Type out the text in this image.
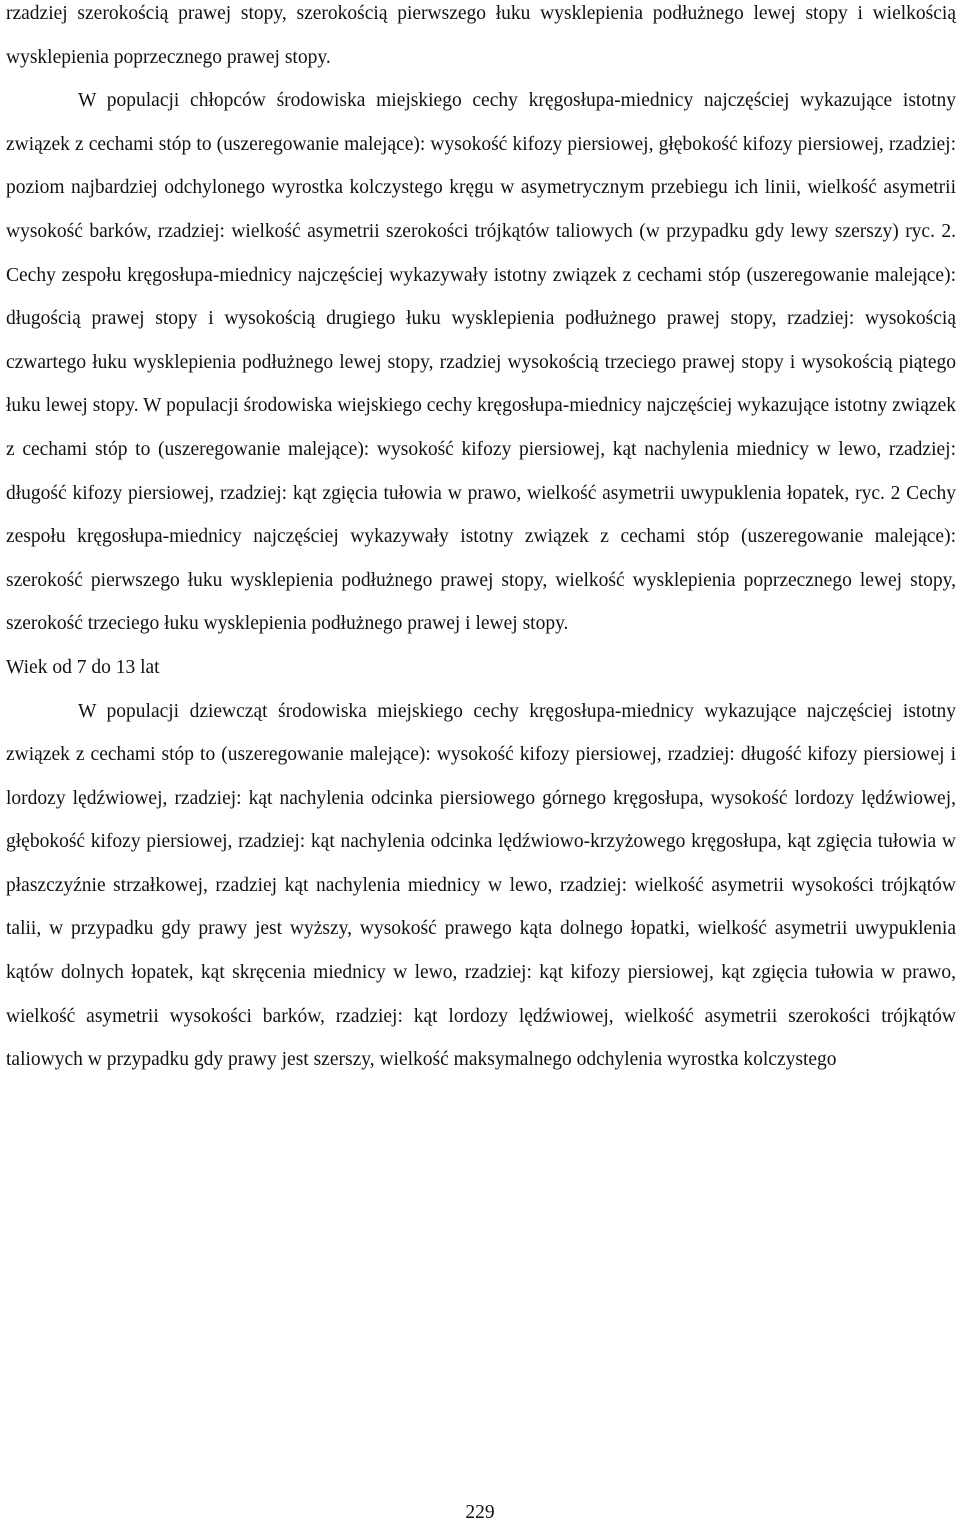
rzadziej szerokością prawej stopy, szerokością pierwszego łuku wysklepienia podłużnego lewej stopy i wielkością wysklepienia poprzecznego prawej stopy.

W populacji chłopców środowiska miejskiego cechy kręgosłupa-miednicy najczęściej wykazujące istotny związek z cechami stóp to (uszeregowanie malejące): wysokość kifozy piersiowej, głębokość kifozy piersiowej, rzadziej: poziom najbardziej odchylonego wyrostka kolczystego kręgu w asymetrycznym przebiegu ich linii, wielkość asymetrii wysokość barków, rzadziej: wielkość asymetrii szerokości trójkątów taliowych (w przypadku gdy lewy szerszy) ryc. 2. Cechy zespołu kręgosłupa-miednicy najczęściej wykazywały istotny związek z cechami stóp (uszeregowanie malejące): długością prawej stopy i wysokością drugiego łuku wysklepienia podłużnego prawej stopy, rzadziej: wysokością czwartego łuku wysklepienia podłużnego lewej stopy, rzadziej wysokością trzeciego prawej stopy i wysokością piątego łuku lewej stopy. W populacji środowiska wiejskiego cechy kręgosłupa-miednicy najczęściej wykazujące istotny związek z cechami stóp to (uszeregowanie malejące): wysokość kifozy piersiowej, kąt nachylenia miednicy w lewo, rzadziej: długość kifozy piersiowej, rzadziej: kąt zgięcia tułowia w prawo, wielkość asymetrii uwypuklenia łopatek, ryc. 2 Cechy zespołu kręgosłupa-miednicy najczęściej wykazywały istotny związek z cechami stóp (uszeregowanie malejące): szerokość pierwszego łuku wysklepienia podłużnego prawej stopy, wielkość wysklepienia poprzecznego lewej stopy, szerokość trzeciego łuku wysklepienia podłużnego prawej i lewej stopy.

Wiek od 7 do 13 lat

W populacji dziewcząt środowiska miejskiego cechy kręgosłupa-miednicy wykazujące najczęściej istotny związek z cechami stóp to (uszeregowanie malejące): wysokość kifozy piersiowej, rzadziej: długość kifozy piersiowej i lordozy lędźwiowej, rzadziej: kąt nachylenia odcinka piersiowego górnego kręgosłupa, wysokość lordozy lędźwiowej, głębokość kifozy piersiowej, rzadziej: kąt nachylenia odcinka lędźwiowo-krzyżowego kręgosłupa, kąt zgięcia tułowia w płaszczyźnie strzałkowej, rzadziej kąt nachylenia miednicy w lewo, rzadziej: wielkość asymetrii wysokości trójkątów talii, w przypadku gdy prawy jest wyższy, wysokość prawego kąta dolnego łopatki, wielkość asymetrii uwypuklenia kątów dolnych łopatek, kąt skręcenia miednicy w lewo, rzadziej: kąt kifozy piersiowej, kąt zgięcia tułowia w prawo, wielkość asymetrii wysokości barków, rzadziej: kąt lordozy lędźwiowej, wielkość asymetrii szerokości trójkątów taliowych w przypadku gdy prawy jest szerszy, wielkość maksymalnego odchylenia wyrostka kolczystego

229
